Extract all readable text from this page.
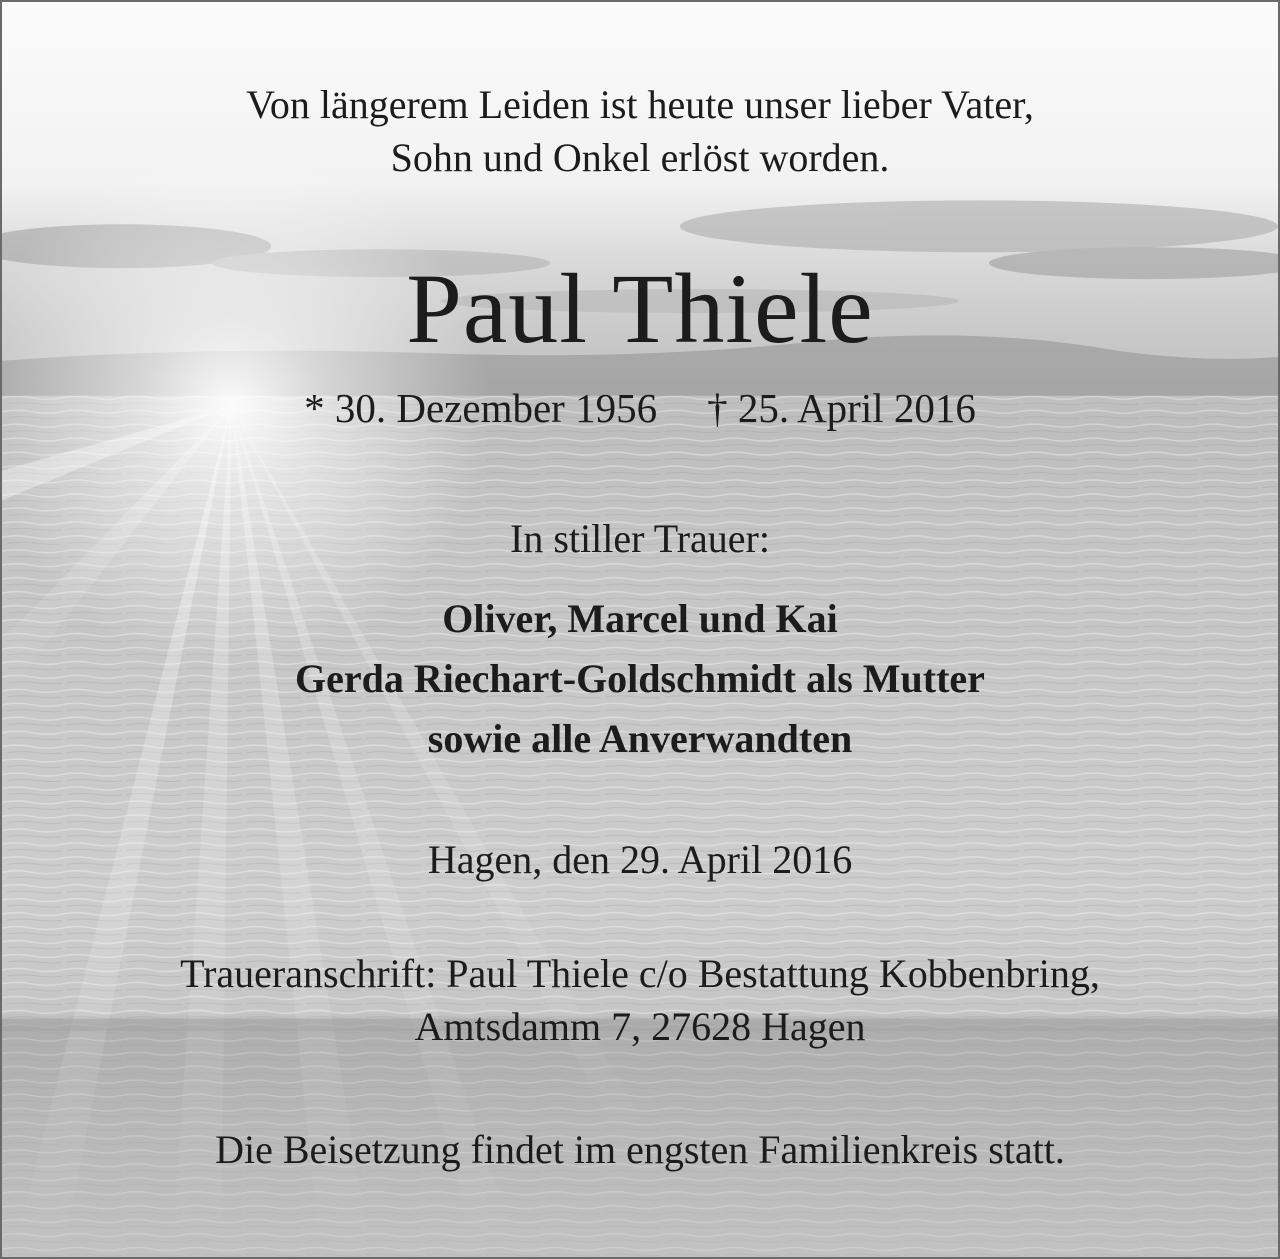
Von längerem Leiden ist heute unser lieber Vater,
Sohn und Onkel erlöst worden.
Paul Thiele
* 30. Dezember 1956 † 25. April 2016
In stiller Trauer:
Oliver, Marcel und Kai
Gerda Riechart-Goldschmidt als Mutter
sowie alle Anverwandten
Hagen, den 29. April 2016
Traueranschrift: Paul Thiele c/o Bestattung Kobbenbring,
Amtsdamm 7, 27628 Hagen
Die Beisetzung findet im engsten Familienkreis statt.
